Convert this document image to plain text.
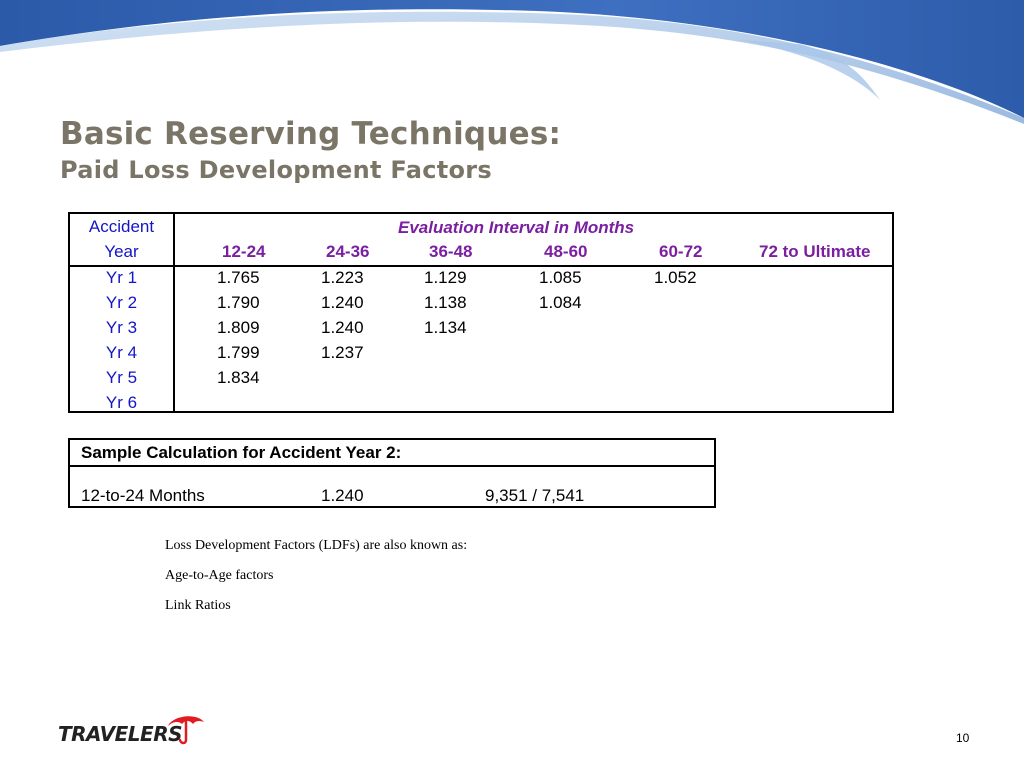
Basic Reserving Techniques:
Paid Loss Development Factors
Accident
Year
Evaluation Interval in Months
12-24	24-36	36-48	48-60	60-72	72 to Ultimate
Yr 1	1.765	1.223	1.129	1.085	1.052
Yr 2	1.790	1.240	1.138	1.084
Yr 3	1.809	1.240	1.134
Yr 4	1.799	1.237
Yr 5	1.834
Yr 6
Sample Calculation for Accident Year 2:
12-to-24 Months	1.240	9,351 / 7,541

Loss Development Factors (LDFs) are also known as:

Age-to-Age factors

Link Ratios

TRAVELERS	10
